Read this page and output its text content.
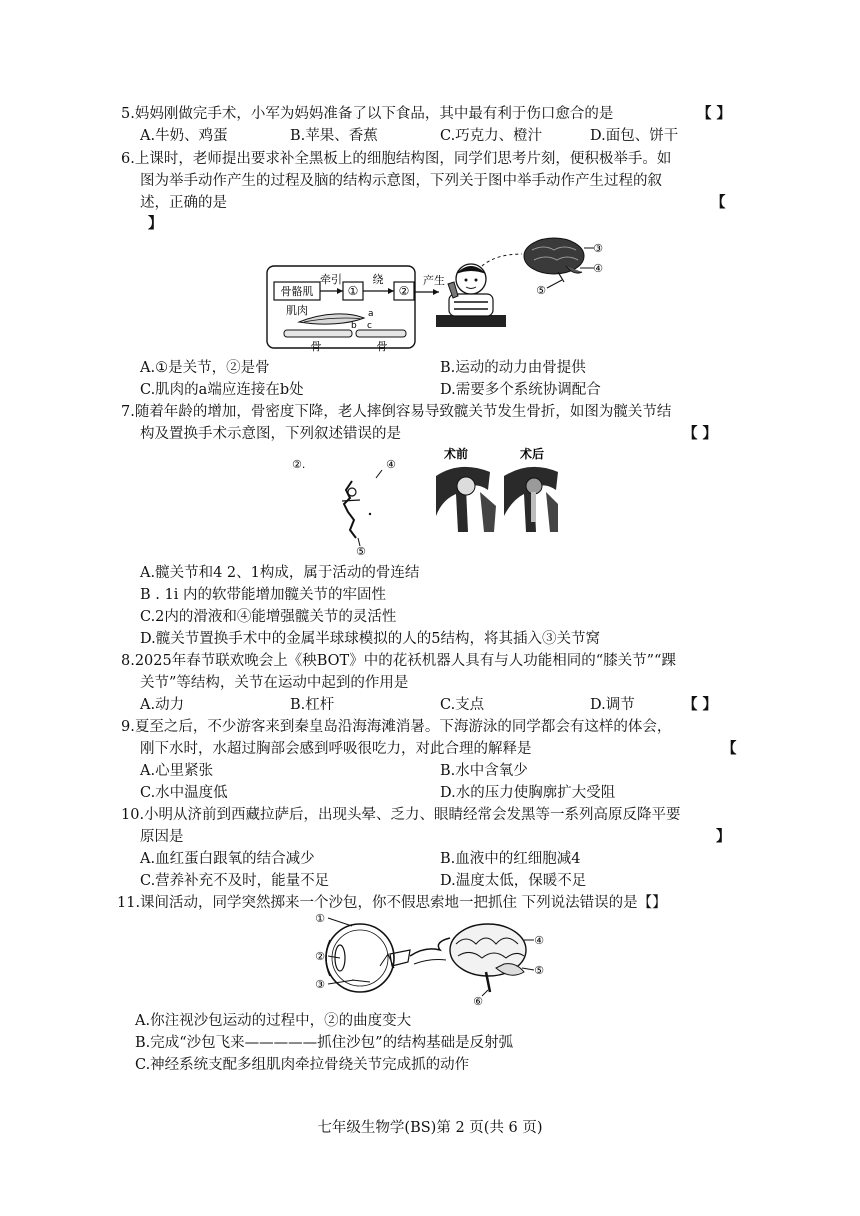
5.妈妈刚做完手术，小军为妈妈准备了以下食品，其中最有利于伤口愈合的是	【 】
A.牛奶、鸡蛋	B.苹果、香蕉	C.巧克力、橙汁	D.面包、饼干
6.上课时，老师提出要求补全黑板上的细胞结构图，同学们思考片刻，便积极举手。如
图为举手动作产生的过程及脑的结构示意图，下列关于图中举手动作产生过程的叙
述，正确的是	【
】
骨骼肌
牵引
①
绕
②
产生
肌肉	a
b c
骨	骨
③
④
⑤
A.①是关节，②是骨	B.运动的动力由骨提供
C.肌肉的a端应连接在b处	D.需要多个系统协调配合
7.随着年龄的增加，骨密度下降，老人摔倒容易导致髋关节发生骨折，如图为髋关节结
构及置换手术示意图，下列叙述错误的是	【 】
②.	④
⑤
术前	术后
A.髋关节和4 2、1构成，属于活动的骨连结
B . 1i 内的软带能增加髋关节的牢固性
C.2内的滑液和④能增强髋关节的灵活性
D.髋关节置换手术中的金属半球球模拟的人的5结构，将其插入③关节窝
8.2025年春节联欢晚会上《秧BOT》中的花袄机器人具有与人功能相同的“膝关节”“踝
关节”等结构，关节在运动中起到的作用是
【 】
A.动力	B.杠杆	C.支点	D.调节
9.夏至之后，不少游客来到秦皇岛沿海海滩消暑。下海游泳的同学都会有这样的体会，
刚下水时，水超过胸部会感到呼吸很吃力，对此合理的解释是	【
A.心里紧张	B.水中含氧少
C.水中温度低	D.水的压力使胸廓扩大受阻
10.小明从济前到西藏拉萨后，出现头晕、乏力、眼睛经常会发黑等一系列高原反降平要
原因是	】
A.血红蛋白跟氧的结合减少	B.血液中的红细胞减4
C.营养补充不及时，能量不足	D.温度太低，保暖不足
11.课间活动，同学突然掷来一个沙包，你不假思索地一把抓住 下列说法错误的是【】
①
②
③
④
⑤
⑥
A.你注视沙包运动的过程中，②的曲度变大
B.完成“沙包飞来—————抓住沙包”的结构基础是反射弧
C.神经系统支配多组肌肉牵拉骨绕关节完成抓的动作
七年级生物学(BS)第 2 页(共 6 页)
